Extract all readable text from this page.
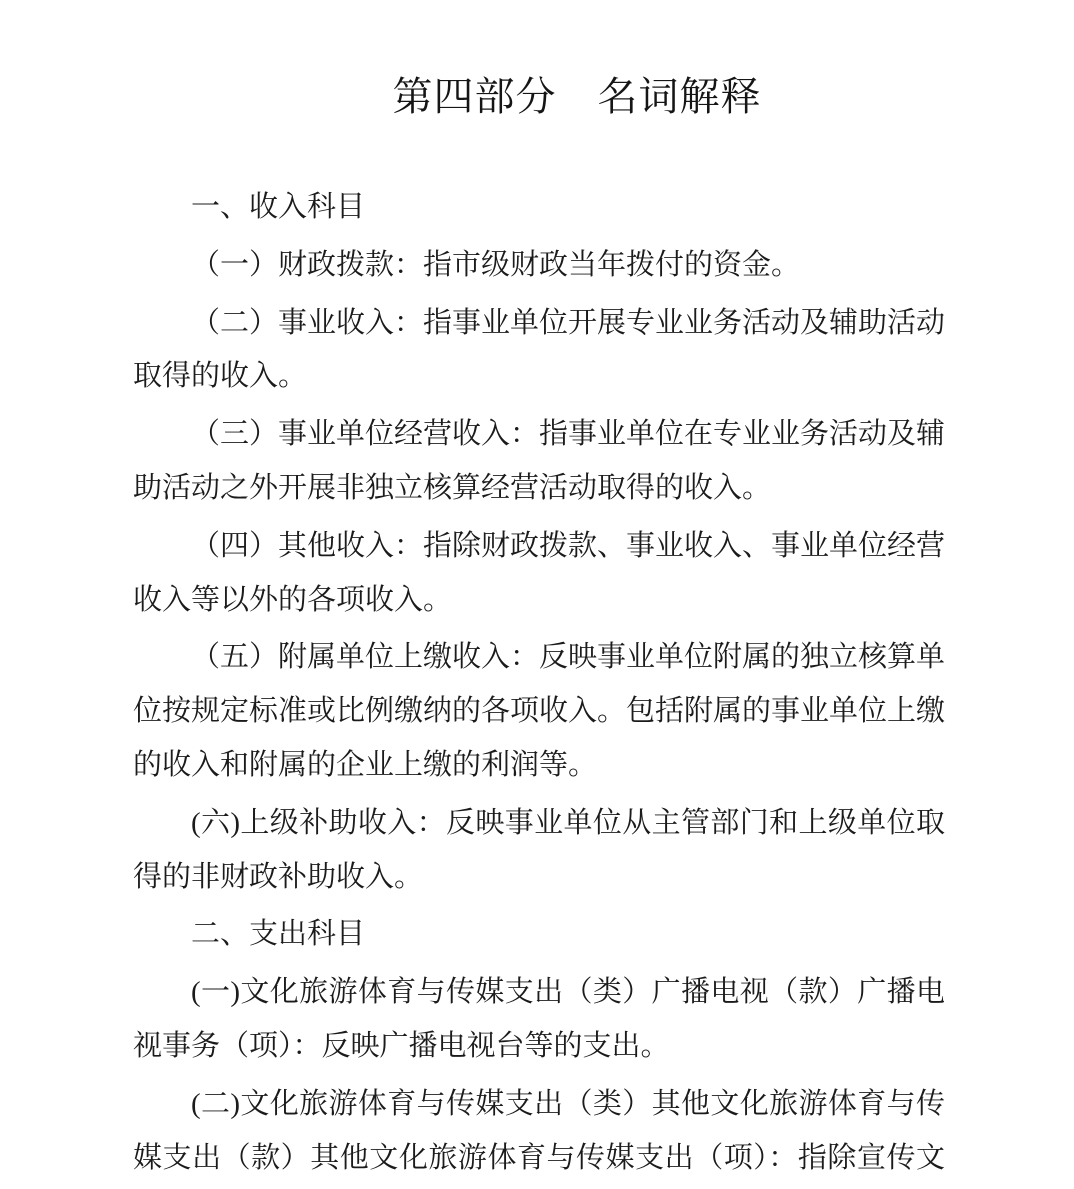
第四部分　名词解释
一、收入科目
（一）财政拨款：指市级财政当年拨付的资金。
（二）事业收入：指事业单位开展专业业务活动及辅助活动
取得的收入。
（三）事业单位经营收入：指事业单位在专业业务活动及辅
助活动之外开展非独立核算经营活动取得的收入。
（四）其他收入：指除财政拨款、事业收入、事业单位经营
收入等以外的各项收入。
（五）附属单位上缴收入：反映事业单位附属的独立核算单
位按规定标准或比例缴纳的各项收入。包括附属的事业单位上缴
的收入和附属的企业上缴的利润等。
(六)上级补助收入：反映事业单位从主管部门和上级单位取
得的非财政补助收入。
二、支出科目
(一)文化旅游体育与传媒支出（类）广播电视（款）广播电
视事务（项）：反映广播电视台等的支出。
(二)文化旅游体育与传媒支出（类）其他文化旅游体育与传
媒支出（款）其他文化旅游体育与传媒支出（项）：指除宣传文
